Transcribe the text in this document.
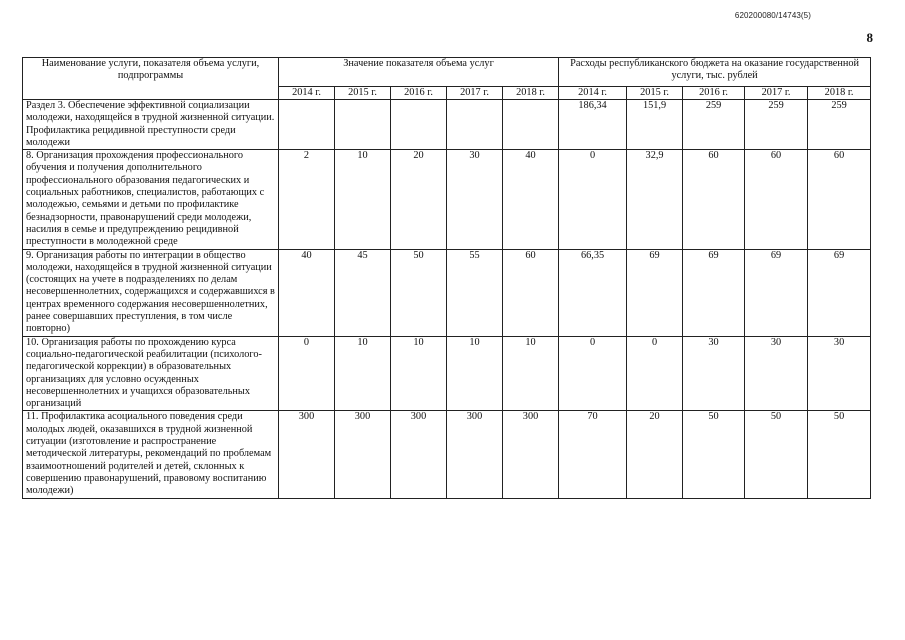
620200080/14743(5)
8
Наименование услуги, показателя объема услуги, подпрограммы	Значение показателя объема услуг					Расходы республиканского бюджета на оказание государственной услуги, тыс. рублей				
	2014 г.	2015 г.	2016 г.	2017 г.	2018 г.	2014 г.	2015 г.	2016 г.	2017 г.	2018 г.
Раздел 3. Обеспечение эффективной социализации молодежи, находящейся в трудной жизненной ситуации. Профилактика рецидивной преступности среди молодежи						186,34	151,9	259	259	259
8. Организация прохождения профессионального обучения и получения дополнительного профессионального образования педагогических и социальных работников, специалистов, работающих с молодежью, семьями и детьми по профилактике безнадзорности, правонарушений среди молодежи, насилия в семье и предупреждению рецидивной преступности в молодежной среде	2	10	20	30	40	0	32,9	60	60	60
9. Организация работы по интеграции в общество молодежи, находящейся в трудной жизненной ситуации (состоящих на учете в подразделениях по делам несовершеннолетних, содержащихся и содержавшихся в центрах временного содержания несовершеннолетних, ранее совершавших преступления, в том числе повторно)	40	45	50	55	60	66,35	69	69	69	69
10. Организация работы по прохождению курса социально-педагогической реабилитации (психолого-педагогической коррекции) в образовательных организациях для условно осужденных несовершеннолетних и учащихся образовательных организаций	0	10	10	10	10	0	0	30	30	30
11. Профилактика асоциального поведения среди молодых людей, оказавшихся в трудной жизненной ситуации (изготовление и распространение методической литературы, рекомендаций по проблемам взаимоотношений родителей и детей, склонных к совершению правонарушений, правовому воспитанию молодежи)	300	300	300	300	300	70	20	50	50	50
